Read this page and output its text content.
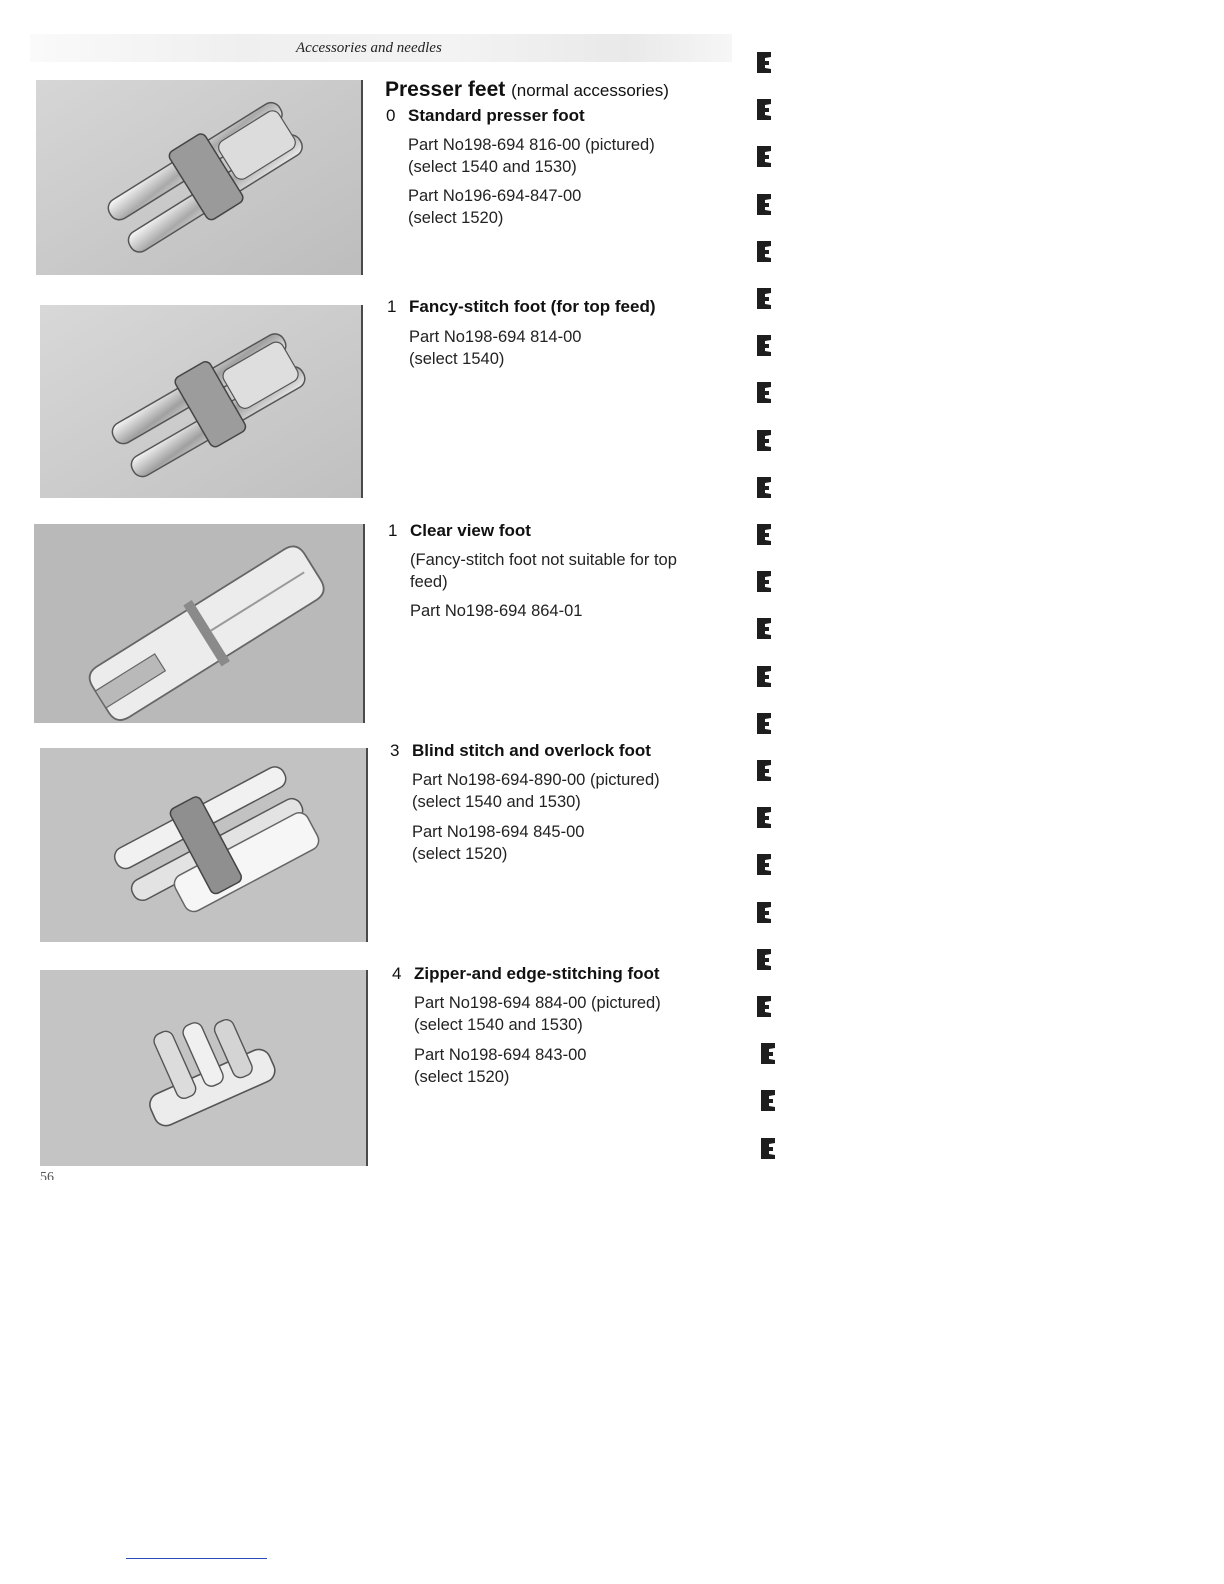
Accessories and needles
Presser feet (normal accessories)
0 Standard presser foot
Part No198-694 816-00 (pictured)
(select 1540 and 1530)
Part No196-694-847-00
(select 1520)
1 Fancy-stitch foot (for top feed)
Part No198-694 814-00
(select 1540)
1 Clear view foot
(Fancy-stitch foot not suitable for top
feed)
Part No198-694 864-01
3 Blind stitch and overlock foot
Part No198-694-890-00 (pictured)
(select 1540 and 1530)
Part No198-694 845-00
(select 1520)
4 Zipper-and edge-stitching foot
Part No198-694 884-00 (pictured)
(select 1540 and 1530)
Part No198-694 843-00
(select 1520)
56
